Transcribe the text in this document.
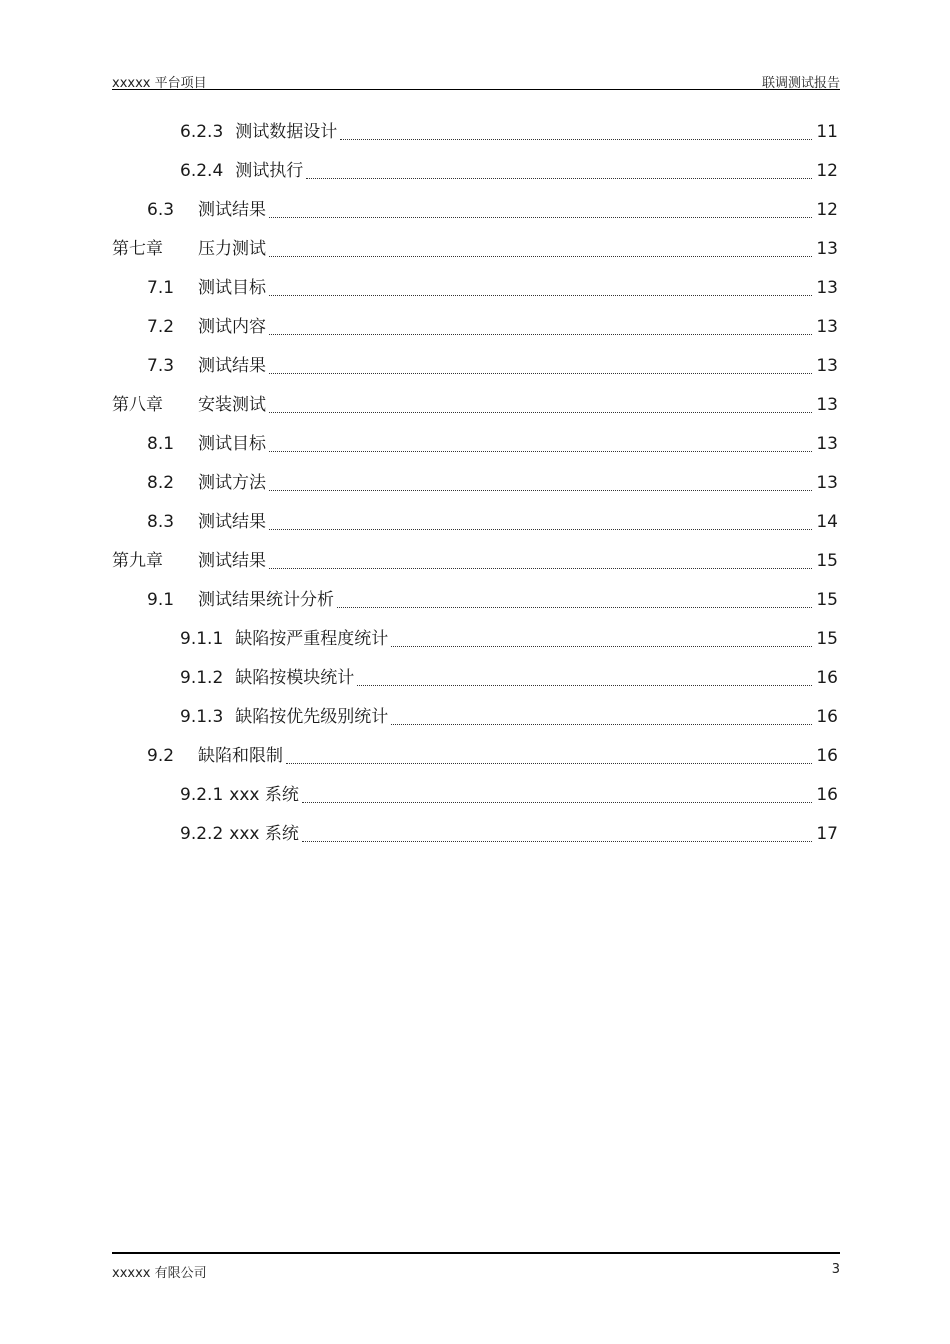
xxxxx 平台项目	联调测试报告
6.2.3 测试数据设计	11
6.2.4 测试执行	12
6.3 测试结果	12
第七章 压力测试	13
7.1 测试目标	13
7.2 测试内容	13
7.3 测试结果	13
第八章 安装测试	13
8.1 测试目标	13
8.2 测试方法	13
8.3 测试结果	14
第九章 测试结果	15
9.1 测试结果统计分析	15
9.1.1 缺陷按严重程度统计	15
9.1.2 缺陷按模块统计	16
9.1.3 缺陷按优先级别统计	16
9.2 缺陷和限制	16
9.2.1 xxx 系统	16
9.2.2 xxx 系统	17
xxxxx 有限公司	3
